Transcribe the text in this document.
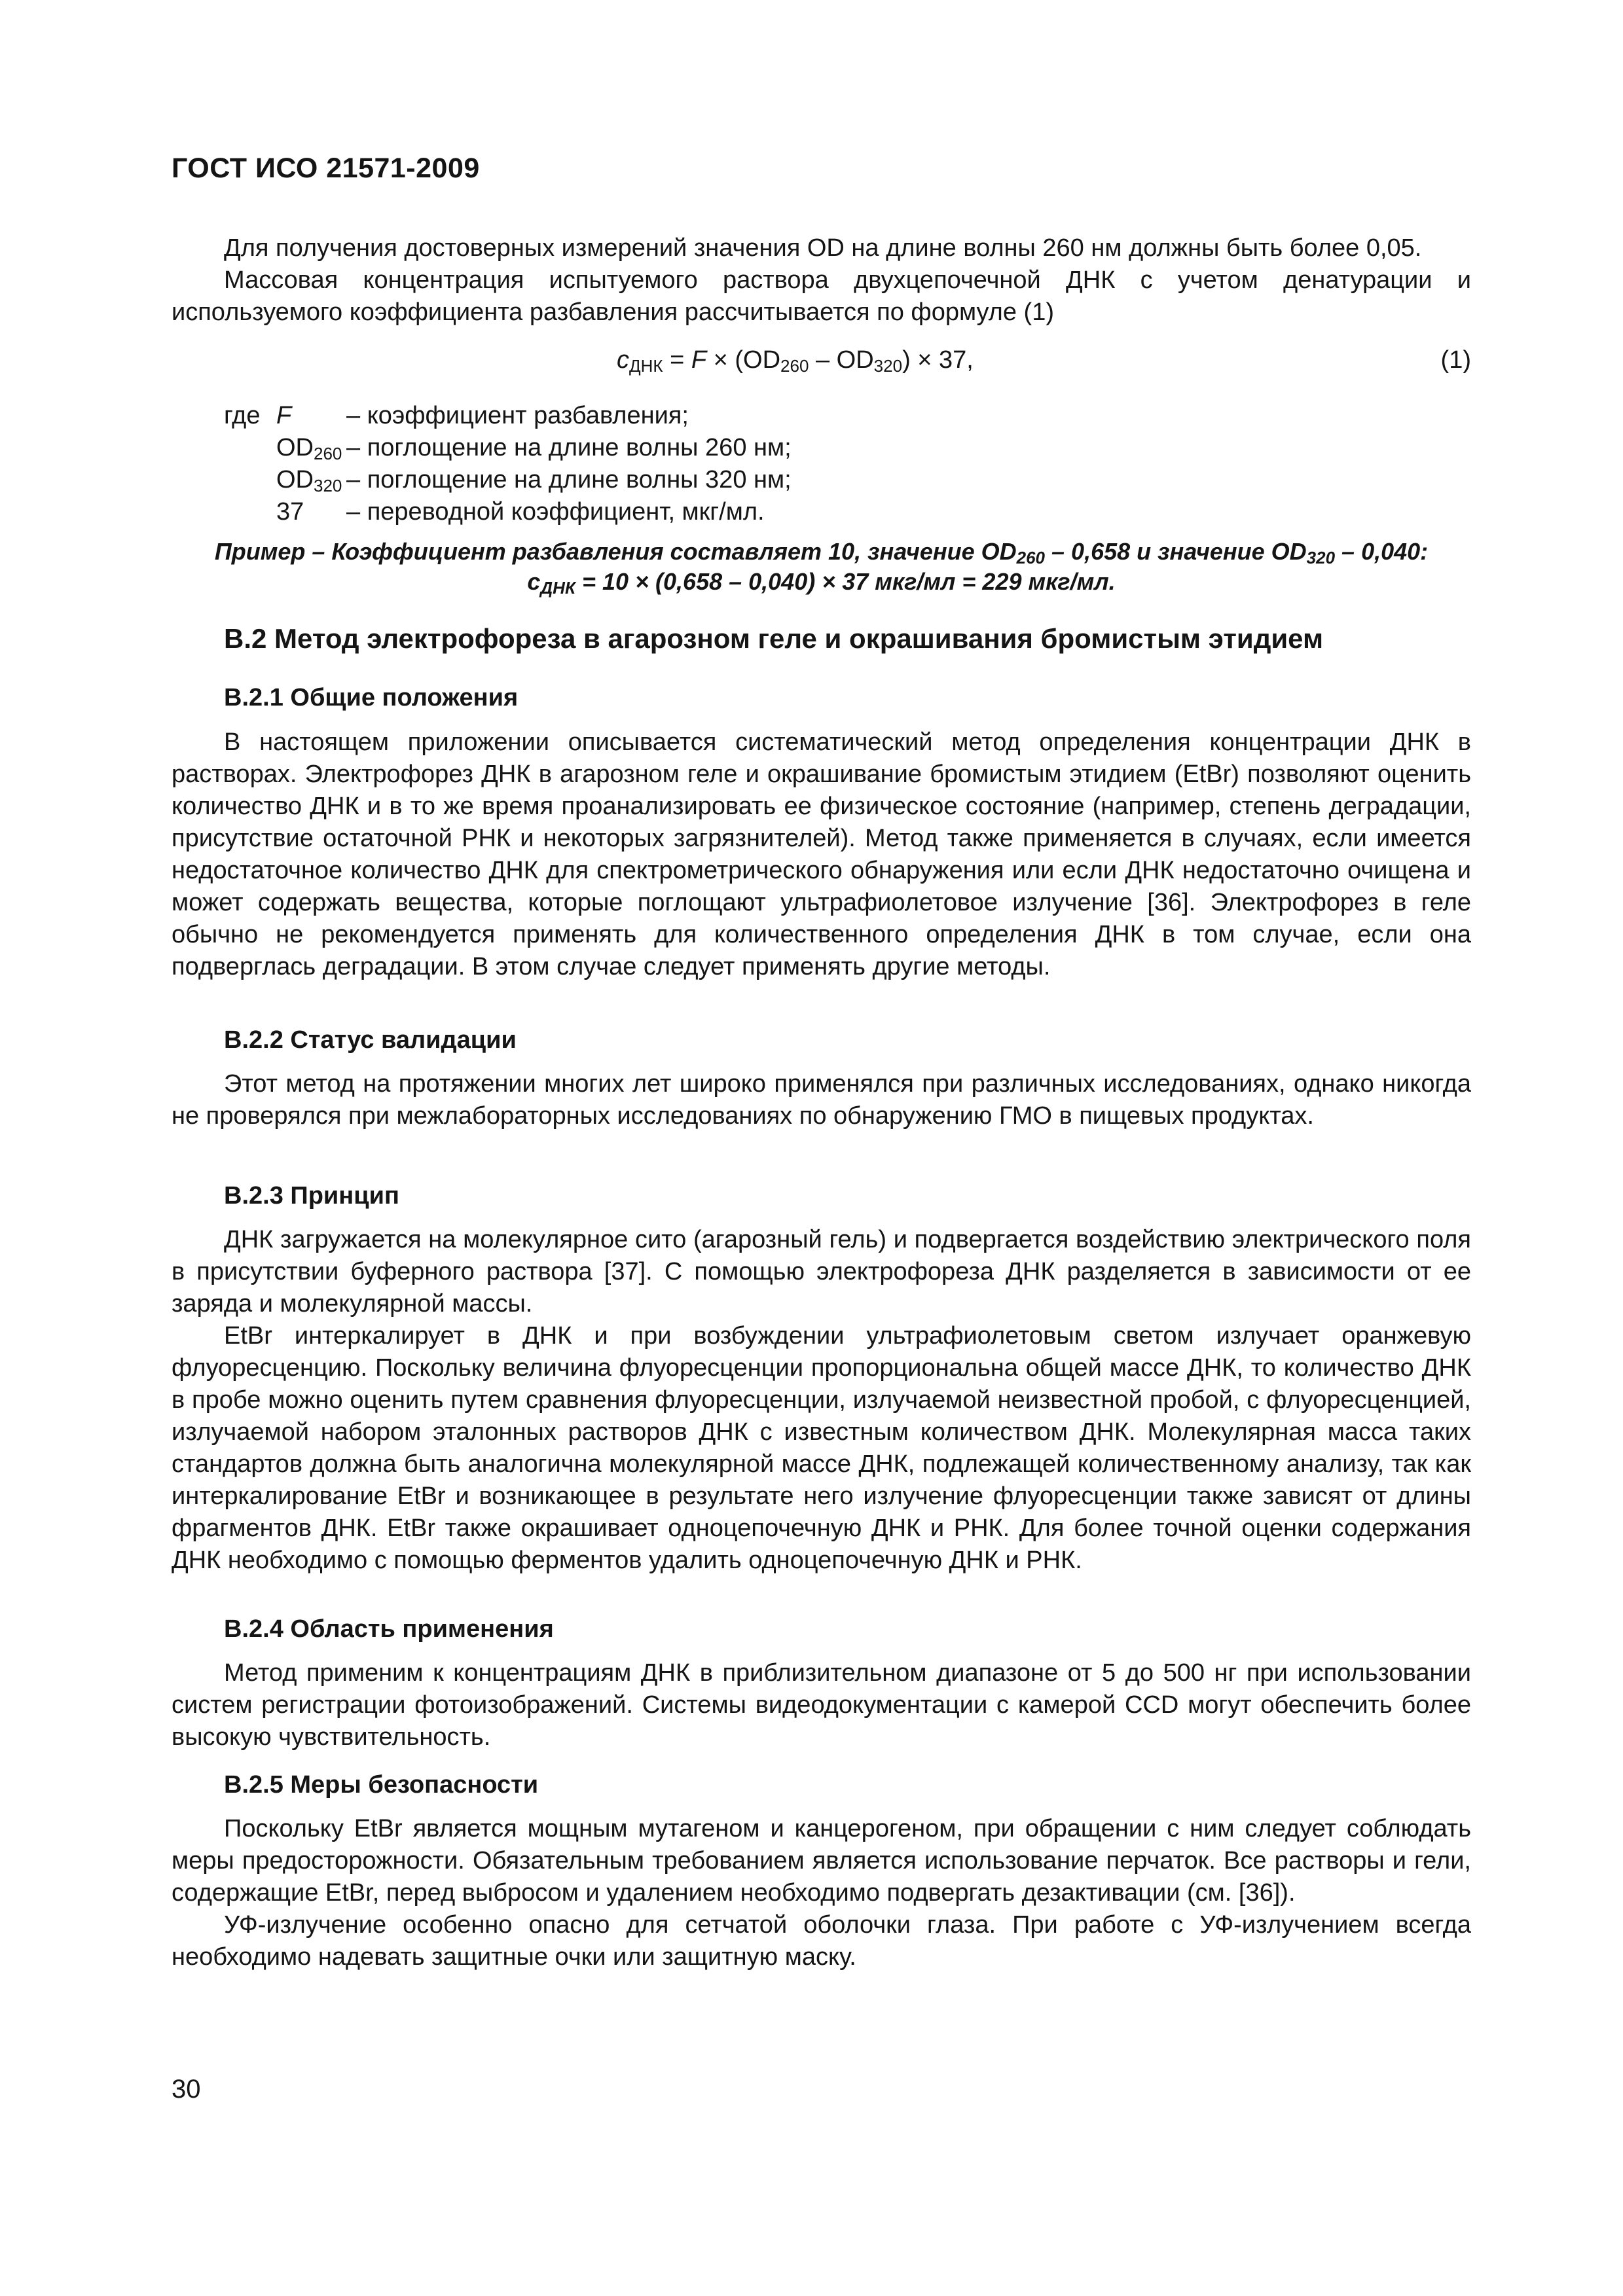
ГОСТ ИСО 21571-2009

Для получения достоверных измерений значения OD на длине волны 260 нм должны быть более 0,05.

Массовая концентрация испытуемого раствора двухцепочечной ДНК с учетом денатурации и используемого коэффициента разбавления рассчитывается по формуле (1)

$c_{ДНК} = F \times (OD_{260} - OD_{320}) \times 37$,	(1)
где F	– коэффициент разбавления;
$OD_{260}$ – поглощение на длине волны 260 нм;
$OD_{320}$ – поглощение на длине волны 320 нм;
37	– переводной коэффициент, мкг/мл.
Пример – Коэффициент разбавления составляет 10, значение $OD_{260} - 0,658$ и значение $OD_{320} - 0,040$:
$c_{ДНК} = 10 \times (0,658 - 0,040) \times 37$ мкг/мл = 229 мкг/мл.
В.2 Метод электрофореза в агарозном геле и окрашивания бромистым этидием
В.2.1 Общие положения

В настоящем приложении описывается систематический метод определения концентрации ДНК в растворах. Электрофорез ДНК в агарозном геле и окрашивание бромистым этидием (EtBr) позволяют оценить количество ДНК и в то же время проанализировать ее физическое состояние (например, степень деградации, присутствие остаточной РНК и некоторых загрязнителей). Метод также применяется в случаях, если имеется недостаточное количество ДНК для спектрометрического обнаружения или если ДНК недостаточно очищена и может содержать вещества, которые поглощают ультрафиолетовое излучение [36]. Электрофорез в геле обычно не рекомендуется применять для количественного определения ДНК в том случае, если она подверглась деградации. В этом случае следует применять другие методы.

В.2.2 Статус валидации

Этот метод на протяжении многих лет широко применялся при различных исследованиях, однако никогда не проверялся при межлабораторных исследованиях по обнаружению ГМО в пищевых продуктах.

В.2.3 Принцип

ДНК загружается на молекулярное сито (агарозный гель) и подвергается воздействию электрического поля в присутствии буферного раствора [37]. С помощью электрофореза ДНК разделяется в зависимости от ее заряда и молекулярной массы.

EtBr интеркалирует в ДНК и при возбуждении ультрафиолетовым светом излучает оранжевую флуоресценцию. Поскольку величина флуоресценции пропорциональна общей массе ДНК, то количество ДНК в пробе можно оценить путем сравнения флуоресценции, излучаемой неизвестной пробой, с флуоресценцией, излучаемой набором эталонных растворов ДНК с известным количеством ДНК. Молекулярная масса таких стандартов должна быть аналогична молекулярной массе ДНК, подлежащей количественному анализу, так как интеркалирование EtBr и возникающее в результате него излучение флуоресценции также зависят от длины фрагментов ДНК. EtBr также окрашивает одноцепочечную ДНК и РНК. Для более точной оценки содержания ДНК необходимо с помощью ферментов удалить одноцепочечную ДНК и РНК.

В.2.4 Область применения

Метод применим к концентрациям ДНК в приблизительном диапазоне от 5 до 500 нг при использовании систем регистрации фотоизображений. Системы видеодокументации с камерой CCD могут обеспечить более высокую чувствительность.

В.2.5 Меры безопасности

Поскольку EtBr является мощным мутагеном и канцерогеном, при обращении с ним следует соблюдать меры предосторожности. Обязательным требованием является использование перчаток. Все растворы и гели, содержащие EtBr, перед выбросом и удалением необходимо подвергать дезактивации (см. [36]).

УФ-излучение особенно опасно для сетчатой оболочки глаза. При работе с УФ-излучением всегда необходимо надевать защитные очки или защитную маску.

30
